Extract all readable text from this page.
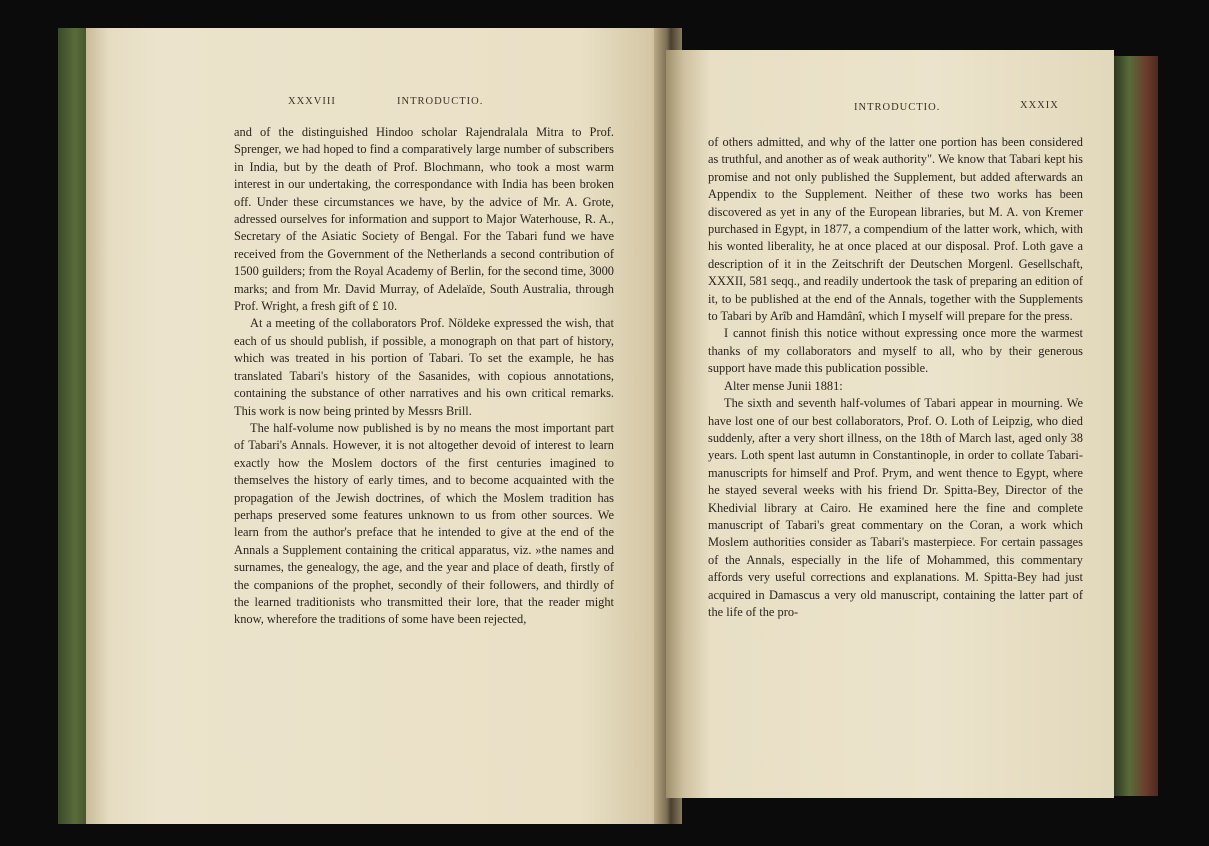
XXXVIII	INTRODUCTIO.

and of the distinguished Hindoo scholar Rajendralala Mitra to Prof. Sprenger, we had hoped to find a comparatively large number of subscribers in India, but by the death of Prof. Blochmann, who took a most warm interest in our undertaking, the correspondance with India has been broken off. Under these circumstances we have, by the advice of Mr. A. Grote, adressed ourselves for information and support to Major Waterhouse, R. A., Secretary of the Asiatic Society of Bengal. For the Tabari fund we have received from the Government of the Netherlands a second contribution of 1500 guilders; from the Royal Academy of Berlin, for the second time, 3000 marks; and from Mr. David Murray, of Adelaïde, South Australia, through Prof. Wright, a fresh gift of £ 10.

At a meeting of the collaborators Prof. Nöldeke expressed the wish, that each of us should publish, if possible, a monograph on that part of history, which was treated in his portion of Tabari. To set the example, he has translated Tabari's history of the Sasanides, with copious annotations, containing the substance of other narratives and his own critical remarks. This work is now being printed by Messrs Brill.

The half-volume now published is by no means the most important part of Tabari's Annals. However, it is not altogether devoid of interest to learn exactly how the Moslem doctors of the first centuries imagined to themselves the history of early times, and to become acquainted with the propagation of the Jewish doctrines, of which the Moslem tradition has perhaps preserved some features unknown to us from other sources. We learn from the author's preface that he intended to give at the end of the Annals a Supplement containing the critical apparatus, viz. »the names and surnames, the genealogy, the age, and the year and place of death, firstly of the companions of the prophet, secondly of their followers, and thirdly of the learned traditionists who transmitted their lore, that the reader might know, wherefore the traditions of some have been rejected,

INTRODUCTIO.	XXXIX

of others admitted, and why of the latter one portion has been considered as truthful, and another as of weak authority". We know that Tabari kept his promise and not only published the Supplement, but added afterwards an Appendix to the Supplement. Neither of these two works has been discovered as yet in any of the European libraries, but M. A. von Kremer purchased in Egypt, in 1877, a compendium of the latter work, which, with his wonted liberality, he at once placed at our disposal. Prof. Loth gave a description of it in the Zeitschrift der Deutschen Morgenl. Gesellschaft, XXXII, 581 seqq., and readily undertook the task of preparing an edition of it, to be published at the end of the Annals, together with the Supplements to Tabari by Arîb and Hamdânî, which I myself will prepare for the press.

I cannot finish this notice without expressing once more the warmest thanks of my collaborators and myself to all, who by their generous support have made this publication possible.

Alter mense Junii 1881:

The sixth and seventh half-volumes of Tabari appear in mourning. We have lost one of our best collaborators, Prof. O. Loth of Leipzig, who died suddenly, after a very short illness, on the 18th of March last, aged only 38 years. Loth spent last autumn in Constantinople, in order to collate Tabari-manuscripts for himself and Prof. Prym, and went thence to Egypt, where he stayed several weeks with his friend Dr. Spitta-Bey, Director of the Khedivial library at Cairo. He examined here the fine and complete manuscript of Tabari's great commentary on the Coran, a work which Moslem authorities consider as Tabari's masterpiece. For certain passages of the Annals, especially in the life of Mohammed, this commentary affords very useful corrections and explanations. M. Spitta-Bey had just acquired in Damascus a very old manuscript, containing the latter part of the life of the pro-
